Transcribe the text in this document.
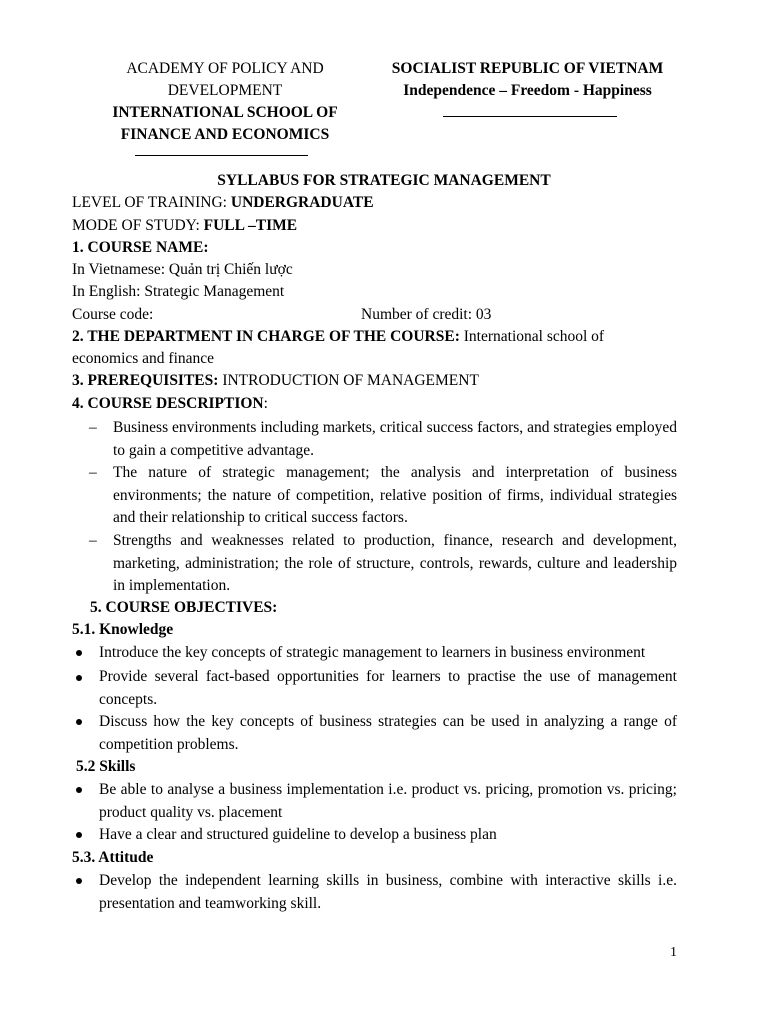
ACADEMY OF POLICY AND
DEVELOPMENT
INTERNATIONAL SCHOOL OF
FINANCE AND ECONOMICS
SOCIALIST REPUBLIC OF VIETNAM
Independence – Freedom - Happiness
SYLLABUS FOR STRATEGIC MANAGEMENT
LEVEL OF TRAINING: UNDERGRADUATE
MODE OF STUDY: FULL –TIME
1. COURSE NAME:
In Vietnamese: Quản trị Chiến lược
In English: Strategic Management
Course code:	Number of credit: 03
2. THE DEPARTMENT IN CHARGE OF THE COURSE: International school of
economics and finance
3. PREREQUISITES: INTRODUCTION OF MANAGEMENT
4. COURSE DESCRIPTION:
– Business environments including markets, critical success factors, and strategies employed to gain a competitive advantage.
– The nature of strategic management; the analysis and interpretation of business environments; the nature of competition, relative position of firms, individual strategies and their relationship to critical success factors.
– Strengths and weaknesses related to production, finance, research and development, marketing, administration; the role of structure, controls, rewards, culture and leadership in implementation.
5. COURSE OBJECTIVES:
5.1. Knowledge
Introduce the key concepts of strategic management to learners in business environment
Provide several fact-based opportunities for learners to practise the use of management concepts.
Discuss how the key concepts of business strategies can be used in analyzing a range of competition problems.
5.2 Skills
Be able to analyse a business implementation i.e. product vs. pricing, promotion vs. pricing; product quality vs. placement
Have a clear and structured guideline to develop a business plan
5.3. Attitude
Develop the independent learning skills in business, combine with interactive skills i.e. presentation and teamworking skill.
1
